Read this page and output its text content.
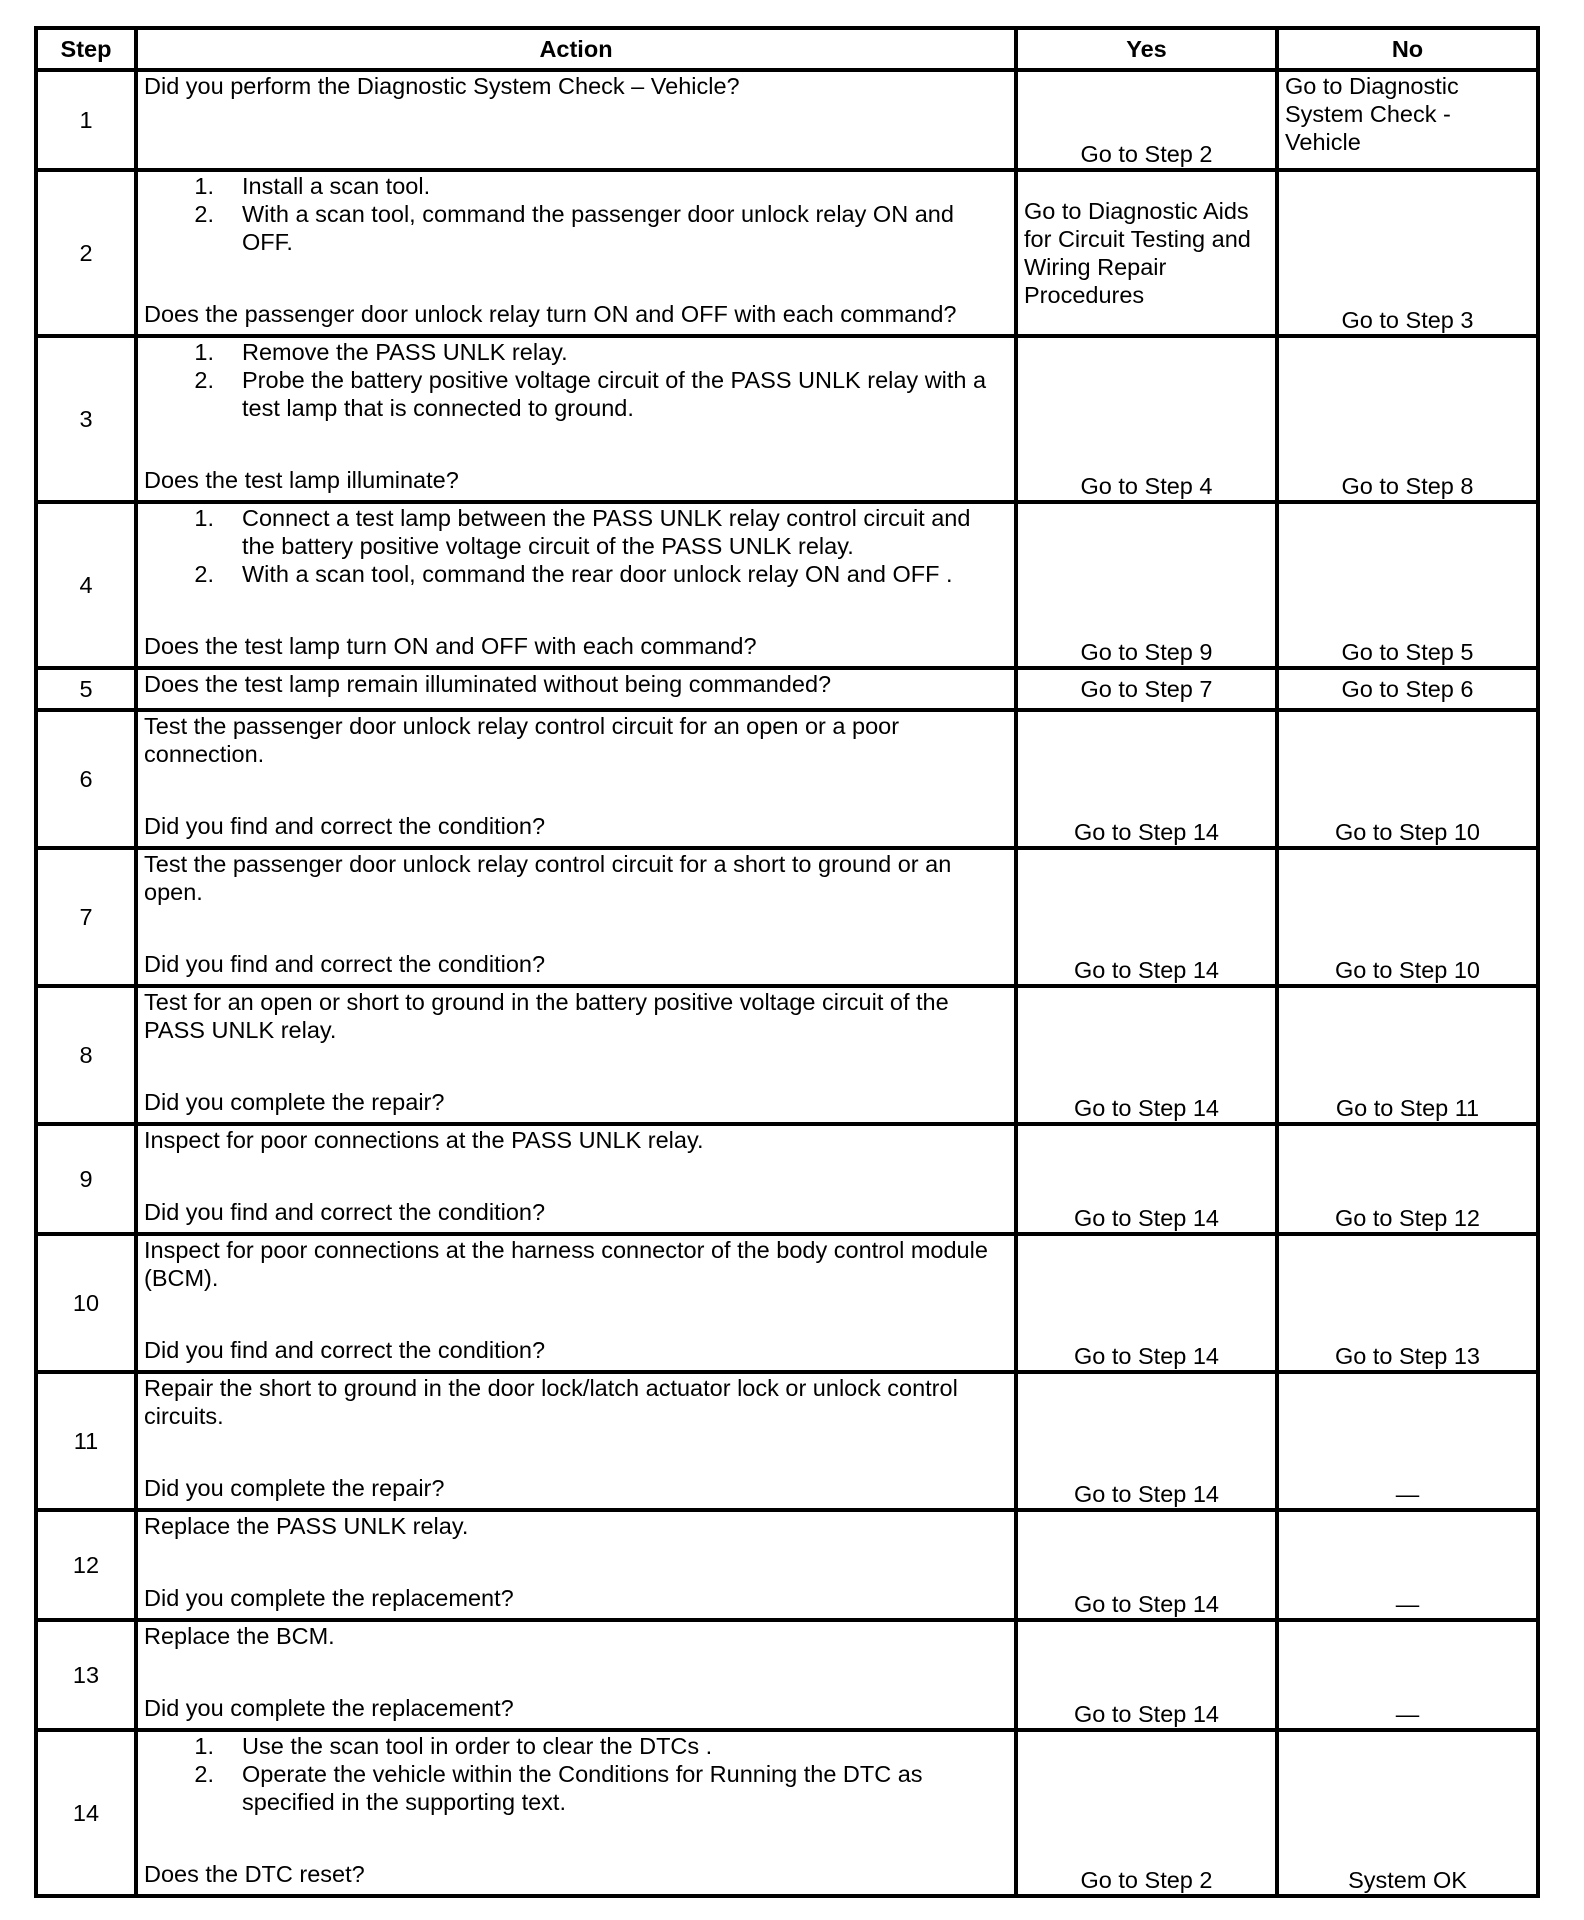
Step	Action	Yes	No
1	Did you perform the Diagnostic System Check – Vehicle?	Go to Step 2	Go to Diagnostic System Check - Vehicle
2	1. Install a scan tool.
2. With a scan tool, command the passenger door unlock relay ON and OFF.
Does the passenger door unlock relay turn ON and OFF with each command?	Go to Diagnostic Aids for Circuit Testing and Wiring Repair Procedures	Go to Step 3
3	1. Remove the PASS UNLK relay.
2. Probe the battery positive voltage circuit of the PASS UNLK relay with a test lamp that is connected to ground.
Does the test lamp illuminate?	Go to Step 4	Go to Step 8
4	1. Connect a test lamp between the PASS UNLK relay control circuit and the battery positive voltage circuit of the PASS UNLK relay.
2. With a scan tool, command the rear door unlock relay ON and OFF .
Does the test lamp turn ON and OFF with each command?	Go to Step 9	Go to Step 5
5	Does the test lamp remain illuminated without being commanded?	Go to Step 7	Go to Step 6
6	Test the passenger door unlock relay control circuit for an open or a poor connection.
Did you find and correct the condition?	Go to Step 14	Go to Step 10
7	Test the passenger door unlock relay control circuit for a short to ground or an open.
Did you find and correct the condition?	Go to Step 14	Go to Step 10
8	Test for an open or short to ground in the battery positive voltage circuit of the PASS UNLK relay.
Did you complete the repair?	Go to Step 14	Go to Step 11
9	Inspect for poor connections at the PASS UNLK relay.
Did you find and correct the condition?	Go to Step 14	Go to Step 12
10	Inspect for poor connections at the harness connector of the body control module (BCM).
Did you find and correct the condition?	Go to Step 14	Go to Step 13
11	Repair the short to ground in the door lock/latch actuator lock or unlock control circuits.
Did you complete the repair?	Go to Step 14	—
12	Replace the PASS UNLK relay.
Did you complete the replacement?	Go to Step 14	—
13	Replace the BCM.
Did you complete the replacement?	Go to Step 14	—
14	1. Use the scan tool in order to clear the DTCs .
2. Operate the vehicle within the Conditions for Running the DTC as specified in the supporting text.
Does the DTC reset?	Go to Step 2	System OK
